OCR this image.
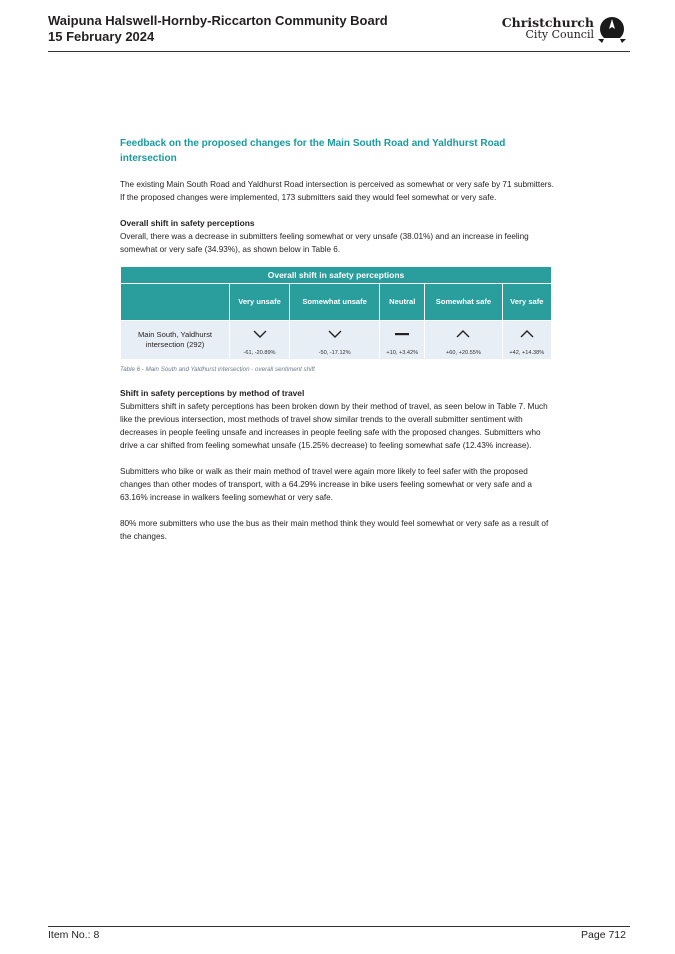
Waipuna Halswell-Hornby-Riccarton Community Board

15 February 2024

Christchurch
City Council

Feedback on the proposed changes for the Main South Road and Yaldhurst Road intersection

The existing Main South Road and Yaldhurst Road intersection is perceived as somewhat or very safe by 71 submitters. If the proposed changes were implemented, 173 submitters said they would feel somewhat or very safe.

Overall shift in safety perceptions

Overall, there was a decrease in submitters feeling somewhat or very unsafe (38.01%) and an increase in feeling somewhat or very safe (34.93%), as shown below in Table 6.

Overall shift in safety perceptions					
	Very unsafe	Somewhat unsafe	Neutral	Somewhat safe	Very safe
Main South, Yaldhurst intersection (292)	-61, -20.89%	-50, -17.12%	+10, +3.42%	+60, +20.55%	+42, +14.38%

Table 6 - Main South and Yaldhurst intersection - overall sentiment shift

Shift in safety perceptions by method of travel

Submitters shift in safety perceptions has been broken down by their method of travel, as seen below in Table 7. Much like the previous intersection, most methods of travel show similar trends to the overall submitter sentiment with decreases in people feeling unsafe and increases in people feeling safe with the proposed changes. Submitters who drive a car shifted from feeling somewhat unsafe (15.25% decrease) to feeling somewhat safe (12.43% increase).

Submitters who bike or walk as their main method of travel were again more likely to feel safer with the proposed changes than other modes of transport, with a 64.29% increase in bike users feeling somewhat or very safe and a 63.16% increase in walkers feeling somewhat or very safe.

80% more submitters who use the bus as their main method think they would feel somewhat or very safe as a result of the changes.

Item No.: 8	Page 712
